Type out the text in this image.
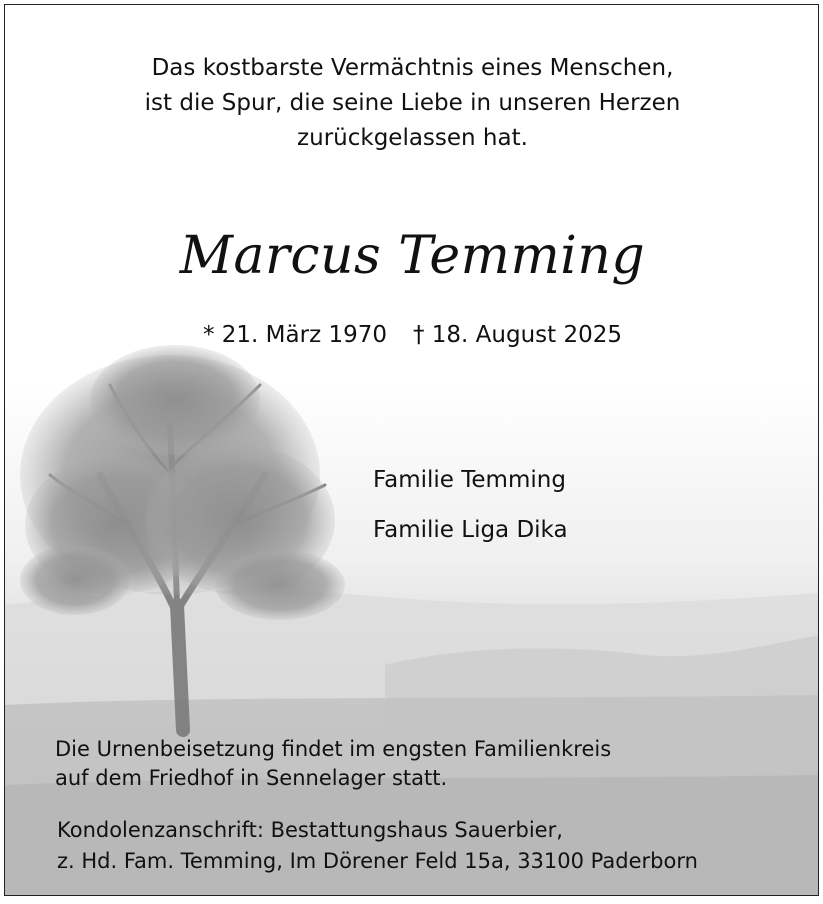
Das kostbarste Vermächtnis eines Menschen,
ist die Spur, die seine Liebe in unseren Herzen
zurückgelassen hat.
Marcus Temming
* 21. März 1970 † 18. August 2025
Familie Temming
Familie Liga Dika
Die Urnenbeisetzung findet im engsten Familienkreis
auf dem Friedhof in Sennelager statt.
Kondolenzanschrift: Bestattungshaus Sauerbier,
z. Hd. Fam. Temming, Im Dörener Feld 15a, 33100 Paderborn
